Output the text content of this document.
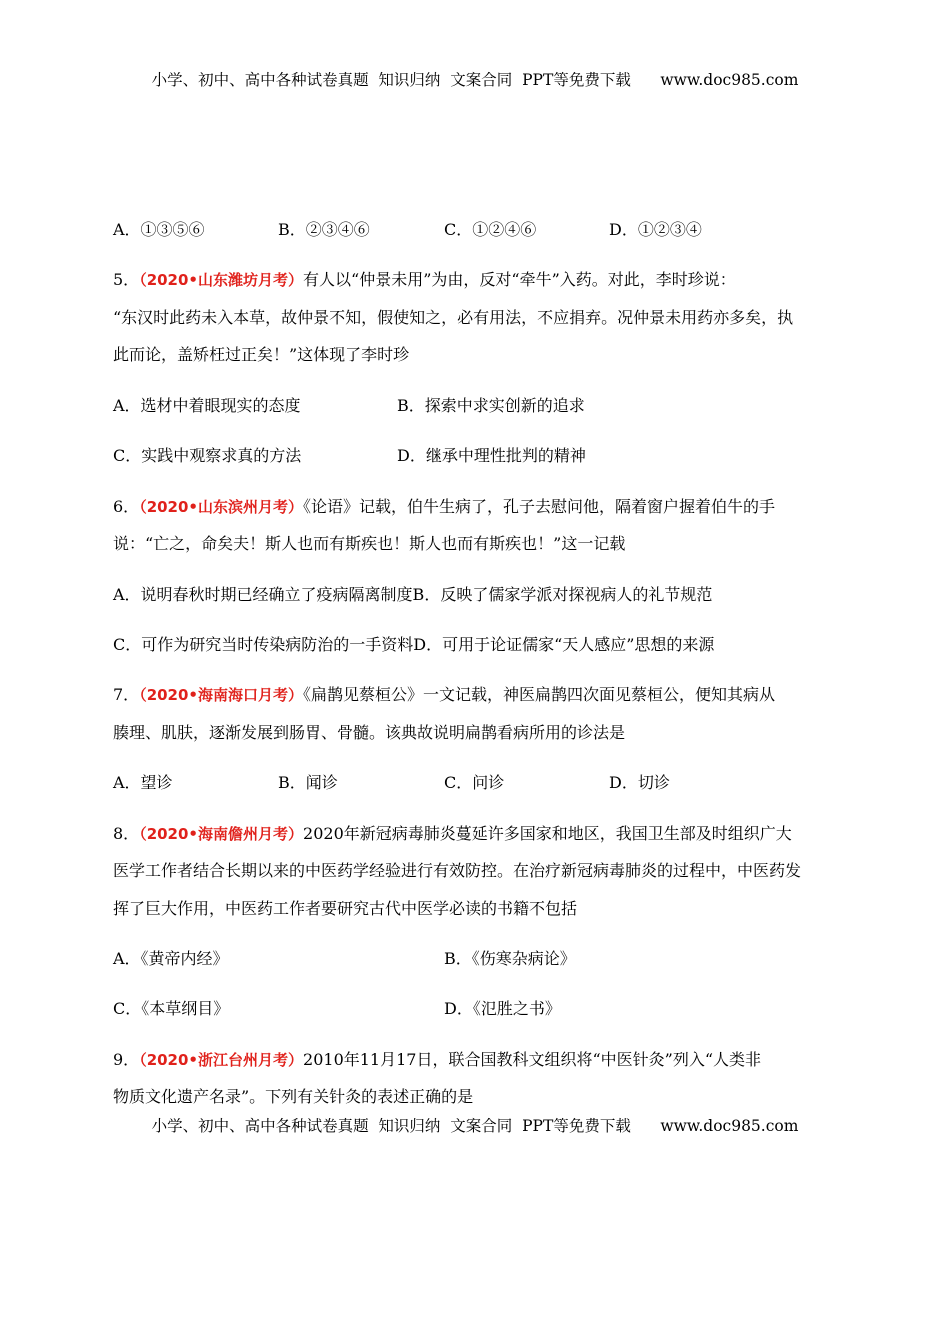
小学、初中、高中各种试卷真题  知识归纳  文案合同  PPT等免费下载      www.doc985.com
A．①③⑤⑥	B．②③④⑥	C．①②④⑥	D．①②③④
5．（2020•山东潍坊月考）有人以“仲景未用”为由，反对“牵牛”入药。对此，李时珍说：
“东汉时此药未入本草，故仲景不知，假使知之，必有用法，不应捐弃。况仲景未用药亦多矣，执
此而论，盖矫枉过正矣！”这体现了李时珍
A．选材中着眼现实的态度	B．探索中求实创新的追求
C．实践中观察求真的方法	D．继承中理性批判的精神
6．（2020•山东滨州月考）《论语》记载，伯牛生病了，孔子去慰问他，隔着窗户握着伯牛的手
说：“亡之，命矣夫！斯人也而有斯疾也！斯人也而有斯疾也！”这一记载
A．说明春秋时期已经确立了疫病隔离制度B．反映了儒家学派对探视病人的礼节规范
C．可作为研究当时传染病防治的一手资料D．可用于论证儒家“天人感应”思想的来源
7．（2020•海南海口月考）《扁鹊见蔡桓公》一文记载，神医扁鹊四次面见蔡桓公，便知其病从
腠理、肌肤，逐渐发展到肠胃、骨髓。该典故说明扁鹊看病所用的诊法是
A．望诊	B．闻诊	C．问诊	D．切诊
8．（2020•海南儋州月考）2020年新冠病毒肺炎蔓延许多国家和地区，我国卫生部及时组织广大
医学工作者结合长期以来的中医药学经验进行有效防控。在治疗新冠病毒肺炎的过程中，中医药发
挥了巨大作用，中医药工作者要研究古代中医学必读的书籍不包括
A．《黄帝内经》	B．《伤寒杂病论》
C．《本草纲目》	D．《氾胜之书》
9．（2020•浙江台州月考）2010年11月17日，联合国教科文组织将“中医针灸”列入“人类非
物质文化遗产名录”。下列有关针灸的表述正确的是
小学、初中、高中各种试卷真题  知识归纳  文案合同  PPT等免费下载      www.doc985.com
